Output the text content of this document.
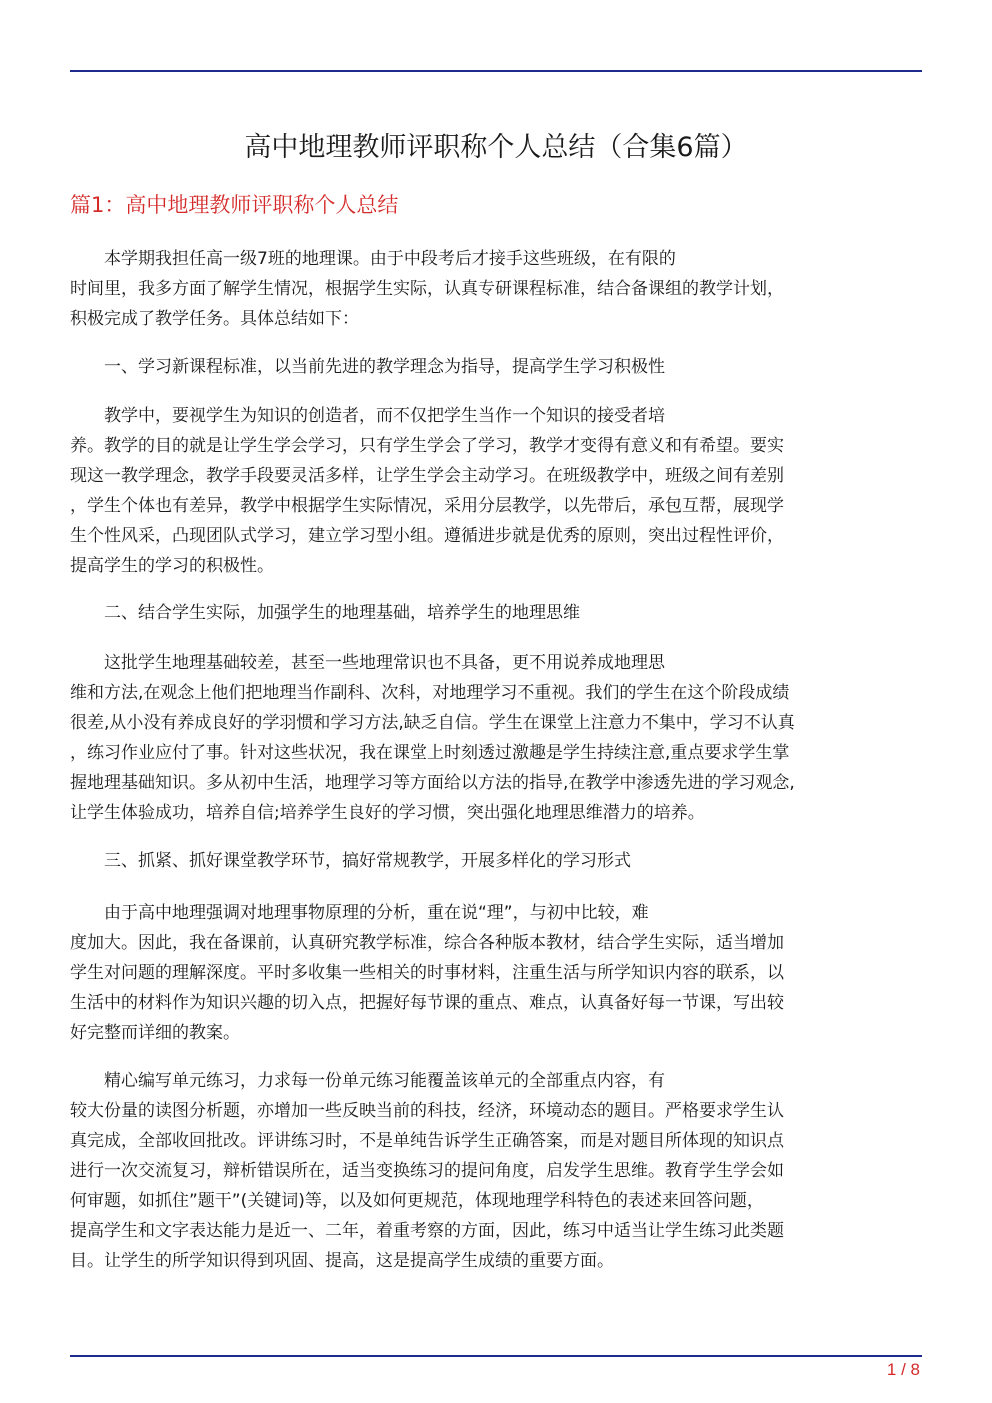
高中地理教师评职称个人总结（合集6篇）
篇1：高中地理教师评职称个人总结

　　本学期我担任高一级7班的地理课。由于中段考后才接手这些班级，在有限的
时间里，我多方面了解学生情况，根据学生实际，认真专研课程标准，结合备课组的教学计划，
积极完成了教学任务。具体总结如下：

　　一、学习新课程标准，以当前先进的教学理念为指导，提高学生学习积极性

　　教学中，要视学生为知识的创造者，而不仅把学生当作一个知识的接受者培
养。教学的目的就是让学生学会学习，只有学生学会了学习，教学才变得有意义和有希望。要实
现这一教学理念，教学手段要灵活多样，让学生学会主动学习。在班级教学中，班级之间有差别
，学生个体也有差异，教学中根据学生实际情况，采用分层教学，以先带后，承包互帮，展现学
生个性风采，凸现团队式学习，建立学习型小组。遵循进步就是优秀的原则，突出过程性评价，
提高学生的学习的积极性。

　　二、结合学生实际，加强学生的地理基础，培养学生的地理思维

　　这批学生地理基础较差，甚至一些地理常识也不具备，更不用说养成地理思
维和方法,在观念上他们把地理当作副科、次科，对地理学习不重视。我们的学生在这个阶段成绩
很差,从小没有养成良好的学羽惯和学习方法,缺乏自信。学生在课堂上注意力不集中，学习不认真
，练习作业应付了事。针对这些状况，我在课堂上时刻透过激趣是学生持续注意,重点要求学生掌
握地理基础知识。多从初中生活，地理学习等方面给以方法的指导,在教学中渗透先进的学习观念,
让学生体验成功，培养自信;培养学生良好的学习惯，突出强化地理思维潜力的培养。

　　三、抓紧、抓好课堂教学环节，搞好常规教学，开展多样化的学习形式

　　由于高中地理强调对地理事物原理的分析，重在说“理”，与初中比较，难
度加大。因此，我在备课前，认真研究教学标准，综合各种版本教材，结合学生实际，适当增加
学生对问题的理解深度。平时多收集一些相关的时事材料，注重生活与所学知识内容的联系，以
生活中的材料作为知识兴趣的切入点，把握好每节课的重点、难点，认真备好每一节课，写出较
好完整而详细的教案。

　　精心编写单元练习，力求每一份单元练习能覆盖该单元的全部重点内容，有
较大份量的读图分析题，亦增加一些反映当前的科技，经济，环境动态的题目。严格要求学生认
真完成，全部收回批改。评讲练习时，不是单纯告诉学生正确答案，而是对题目所体现的知识点
进行一次交流复习，辩析错误所在，适当变换练习的提问角度，启发学生思维。教育学生学会如
何审题，如抓住”题干”(关键词)等，以及如何更规范，体现地理学科特色的表述来回答问题，
提高学生和文字表达能力是近一、二年，着重考察的方面，因此，练习中适当让学生练习此类题
目。让学生的所学知识得到巩固、提高，这是提高学生成绩的重要方面。

1 / 8
